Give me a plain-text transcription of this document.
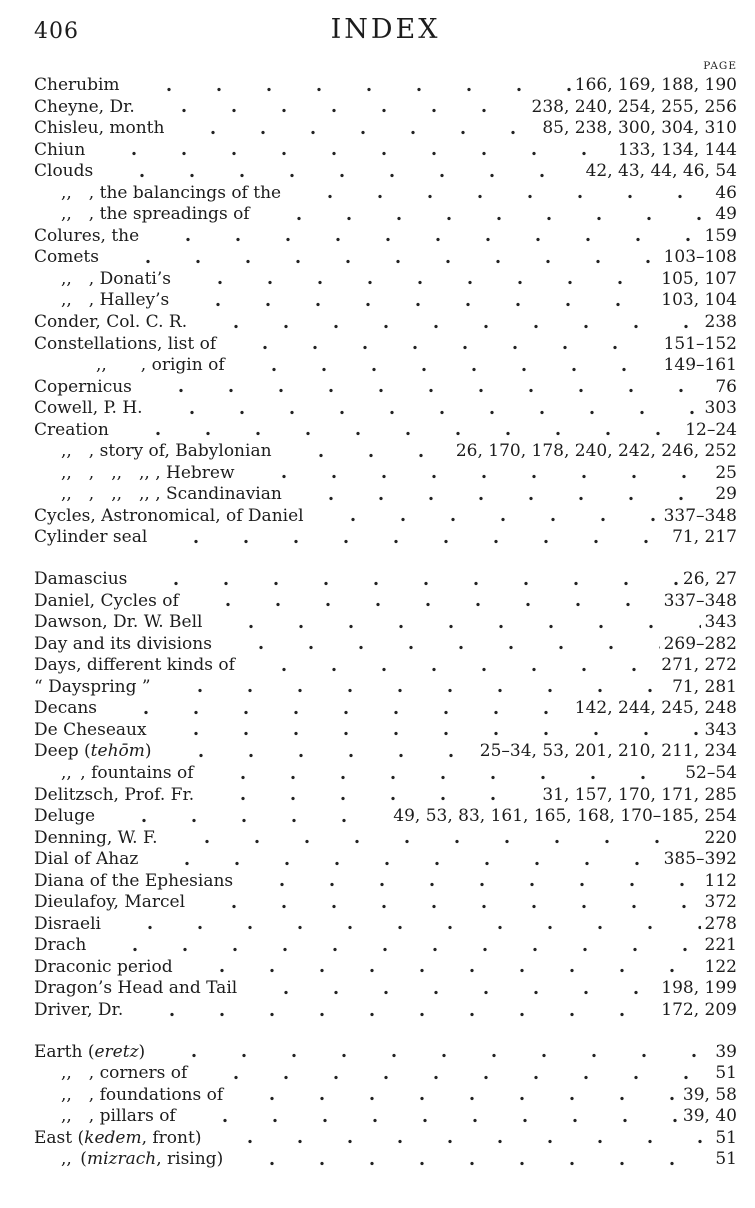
406	INDEX
PAGE
Cherubim	166, 169, 188, 190
Cheyne, Dr.	238, 240, 254, 255, 256
Chisleu, month	85, 238, 300, 304, 310
Chiun	133, 134, 144
Clouds	42, 43, 44, 46, 54
,,  , the balancings of the	46
,,  , the spreadings of	49
Colures, the	159
Comets	103–108
,,  , Donati’s	105, 107
,,  , Halley’s	103, 104
Conder, Col. C. R.	238
Constellations, list of	151–152
,,   , origin of	149–161
Copernicus	76
Cowell, P. H.	303
Creation	12–24
,,  , story of, Babylonian	26, 170, 178, 240, 242, 246, 252
,,  ,  ,,  ,, , Hebrew	25
,,  ,  ,,  ,, , Scandinavian	29
Cycles, Astronomical, of Daniel	337–348
Cylinder seal	71, 217
Damascius	26, 27
Daniel, Cycles of	337–348
Dawson, Dr. W. Bell	343
Day and its divisions	269–282
Days, different kinds of	271, 272
“ Dayspring ”	71, 281
Decans	142, 244, 245, 248
De Cheseaux	343
Deep (tehōm)	25–34, 53, 201, 210, 211, 234
,, , fountains of	52–54
Delitzsch, Prof. Fr.	31, 157, 170, 171, 285
Deluge	49, 53, 83, 161, 165, 168, 170–185, 254
Denning, W. F.	220
Dial of Ahaz	385–392
Diana of the Ephesians	112
Dieulafoy, Marcel	372
Disraeli	278
Drach	221
Draconic period	122
Dragon’s Head and Tail	198, 199
Driver, Dr.	172, 209
Earth (eretz)	39
,,  , corners of	51
,,  , foundations of	39, 58
,,  , pillars of	39, 40
East (kedem, front)	51
,, (mizrach, rising)	51
